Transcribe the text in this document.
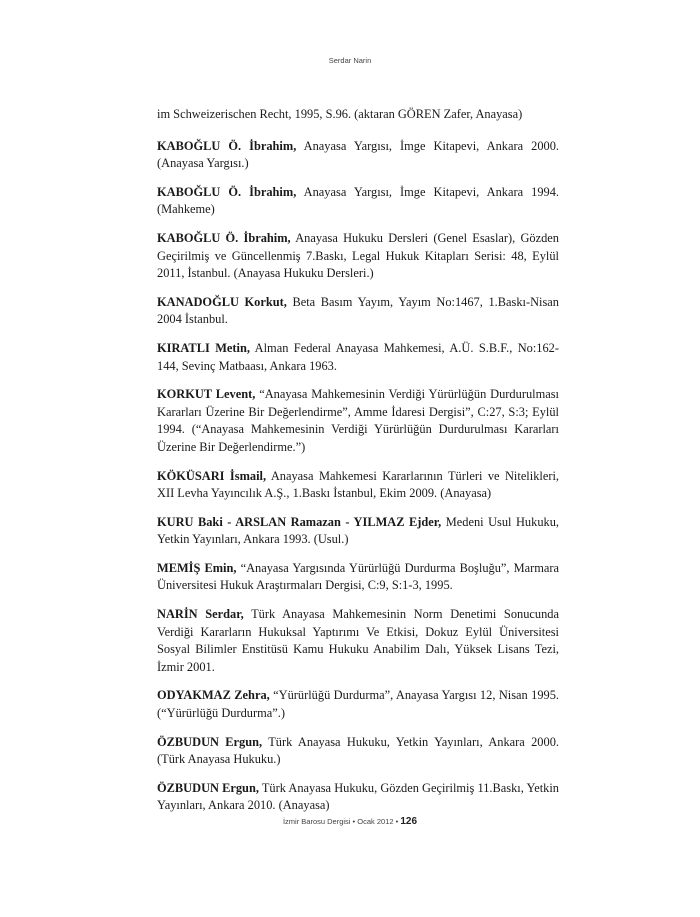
Serdar Narin

im Schweizerischen Recht, 1995, S.96. (aktaran GÖREN Zafer, Anayasa)

KABOĞLU Ö. İbrahim, Anayasa Yargısı, İmge Kitapevi, Ankara 2000. (Anayasa Yargısı.)

KABOĞLU Ö. İbrahim, Anayasa Yargısı, İmge Kitapevi, Ankara 1994. (Mahkeme)

KABOĞLU Ö. İbrahim, Anayasa Hukuku Dersleri (Genel Esaslar), Gözden Geçirilmiş ve Güncellenmiş 7.Baskı, Legal Hukuk Kitapları Serisi: 48, Eylül 2011, İstanbul. (Anayasa Hukuku Dersleri.)

KANADOĞLU Korkut, Beta Basım Yayım, Yayım No:1467, 1.Baskı-Nisan 2004 İstanbul.

KIRATLI Metin, Alman Federal Anayasa Mahkemesi, A.Ü. S.B.F., No:162-144, Sevinç Matbaası, Ankara 1963.

KORKUT Levent, “Anayasa Mahkemesinin Verdiği Yürürlüğün Durdurulması Kararları Üzerine Bir Değerlendirme”, Amme İdaresi Dergisi”, C:27, S:3; Eylül 1994. (“Anayasa Mahkemesinin Verdiği Yürürlüğün Durdurulması Kararları Üzerine Bir Değerlendirme.”)

KÖKÜSARI İsmail, Anayasa Mahkemesi Kararlarının Türleri ve Nitelikleri, XII Levha Yayıncılık A.Ş., 1.Baskı İstanbul, Ekim 2009. (Anayasa)

KURU Baki - ARSLAN Ramazan - YILMAZ Ejder, Medeni Usul Hukuku, Yetkin Yayınları, Ankara 1993. (Usul.)

MEMİŞ Emin, “Anayasa Yargısında Yürürlüğü Durdurma Boşluğu”, Marmara Üniversitesi Hukuk Araştırmaları Dergisi, C:9, S:1-3, 1995.

NARİN Serdar, Türk Anayasa Mahkemesinin Norm Denetimi Sonucunda Verdiği Kararların Hukuksal Yaptırımı Ve Etkisi, Dokuz Eylül Üniversitesi Sosyal Bilimler Enstitüsü Kamu Hukuku Anabilim Dalı, Yüksek Lisans Tezi, İzmir 2001.

ODYAKMAZ Zehra, “Yürürlüğü Durdurma”, Anayasa Yargısı 12, Nisan 1995. (“Yürürlüğü Durdurma”.)

ÖZBUDUN Ergun, Türk Anayasa Hukuku, Yetkin Yayınları, Ankara 2000. (Türk Anayasa Hukuku.)

ÖZBUDUN Ergun, Türk Anayasa Hukuku, Gözden Geçirilmiş 11.Baskı, Yetkin Yayınları, Ankara 2010. (Anayasa)

İzmir Barosu Dergisi • Ocak 2012 • 126
